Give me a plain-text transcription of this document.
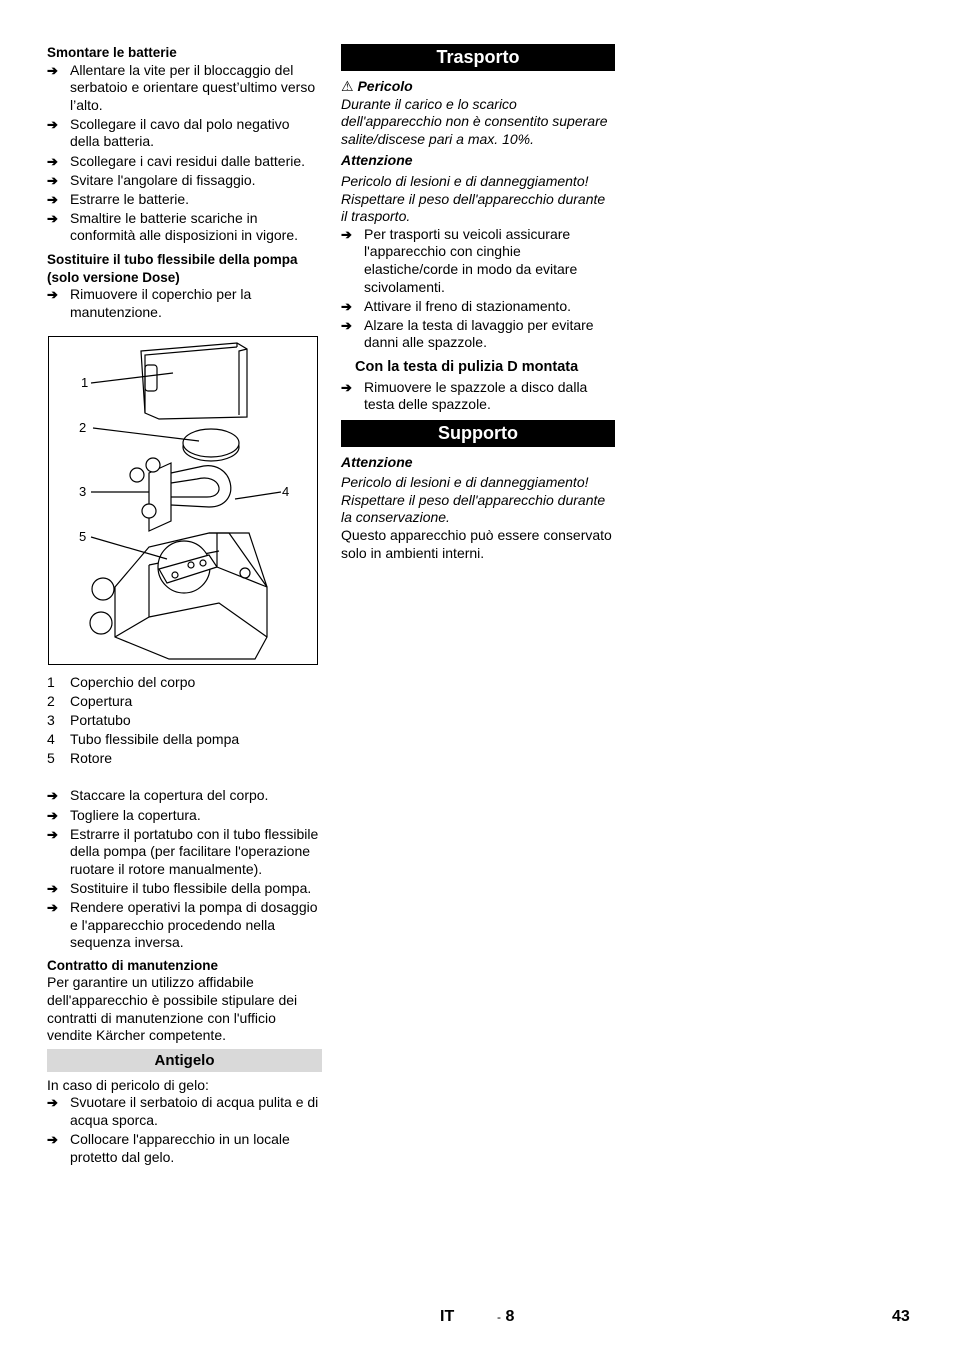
Smontare le batterie

➔ Allentare la vite per il bloccaggio del serbatoio e orientare quest’ultimo verso l’alto.

➔ Scollegare il cavo dal polo negativo della batteria.

➔ Scollegare i cavi residui dalle batterie.

➔ Svitare l'angolare di fissaggio.

➔ Estrarre le batterie.

➔ Smaltire le batterie scariche in conformità alle disposizioni in vigore.

Sostituire il tubo flessibile della pompa (solo versione Dose)

➔ Rimuovere il coperchio per la manutenzione.

1
2
3	4
5

1 Coperchio del corpo

2 Copertura

3 Portatubo

4 Tubo flessibile della pompa

5 Rotore

➔ Staccare la copertura del corpo.

➔ Togliere la copertura.

➔ Estrarre il portatubo con il tubo flessibile della pompa (per facilitare l'operazione ruotare il rotore manualmente).

➔ Sostituire il tubo flessibile della pompa.

➔ Rendere operativi la pompa di dosaggio e l'apparecchio procedendo nella sequenza inversa.

Contratto di manutenzione

Per garantire un utilizzo affidabile dell'apparecchio è possibile stipulare dei contratti di manutenzione con l'ufficio vendite Kärcher competente.

Antigelo

In caso di pericolo di gelo:

➔ Svuotare il serbatoio di acqua pulita e di acqua sporca.

➔ Collocare l'apparecchio in un locale protetto dal gelo.

Trasporto

⚠ Pericolo

Durante il carico e lo scarico dell'apparecchio non è consentito superare salite/discese pari a max. 10%.

Attenzione

Pericolo di lesioni e di danneggiamento! Rispettare il peso dell'apparecchio durante il trasporto.

➔ Per trasporti su veicoli assicurare l'apparecchio con cinghie elastiche/corde in modo da evitare scivolamenti.

➔ Attivare il freno di stazionamento.

➔ Alzare la testa di lavaggio per evitare danni alle spazzole.

Con la testa di pulizia D montata

➔ Rimuovere le spazzole a disco dalla testa delle spazzole.

Supporto

Attenzione

Pericolo di lesioni e di danneggiamento! Rispettare il peso dell'apparecchio durante la conservazione.

Questo apparecchio può essere conservato solo in ambienti interni.

IT	- 8	43
